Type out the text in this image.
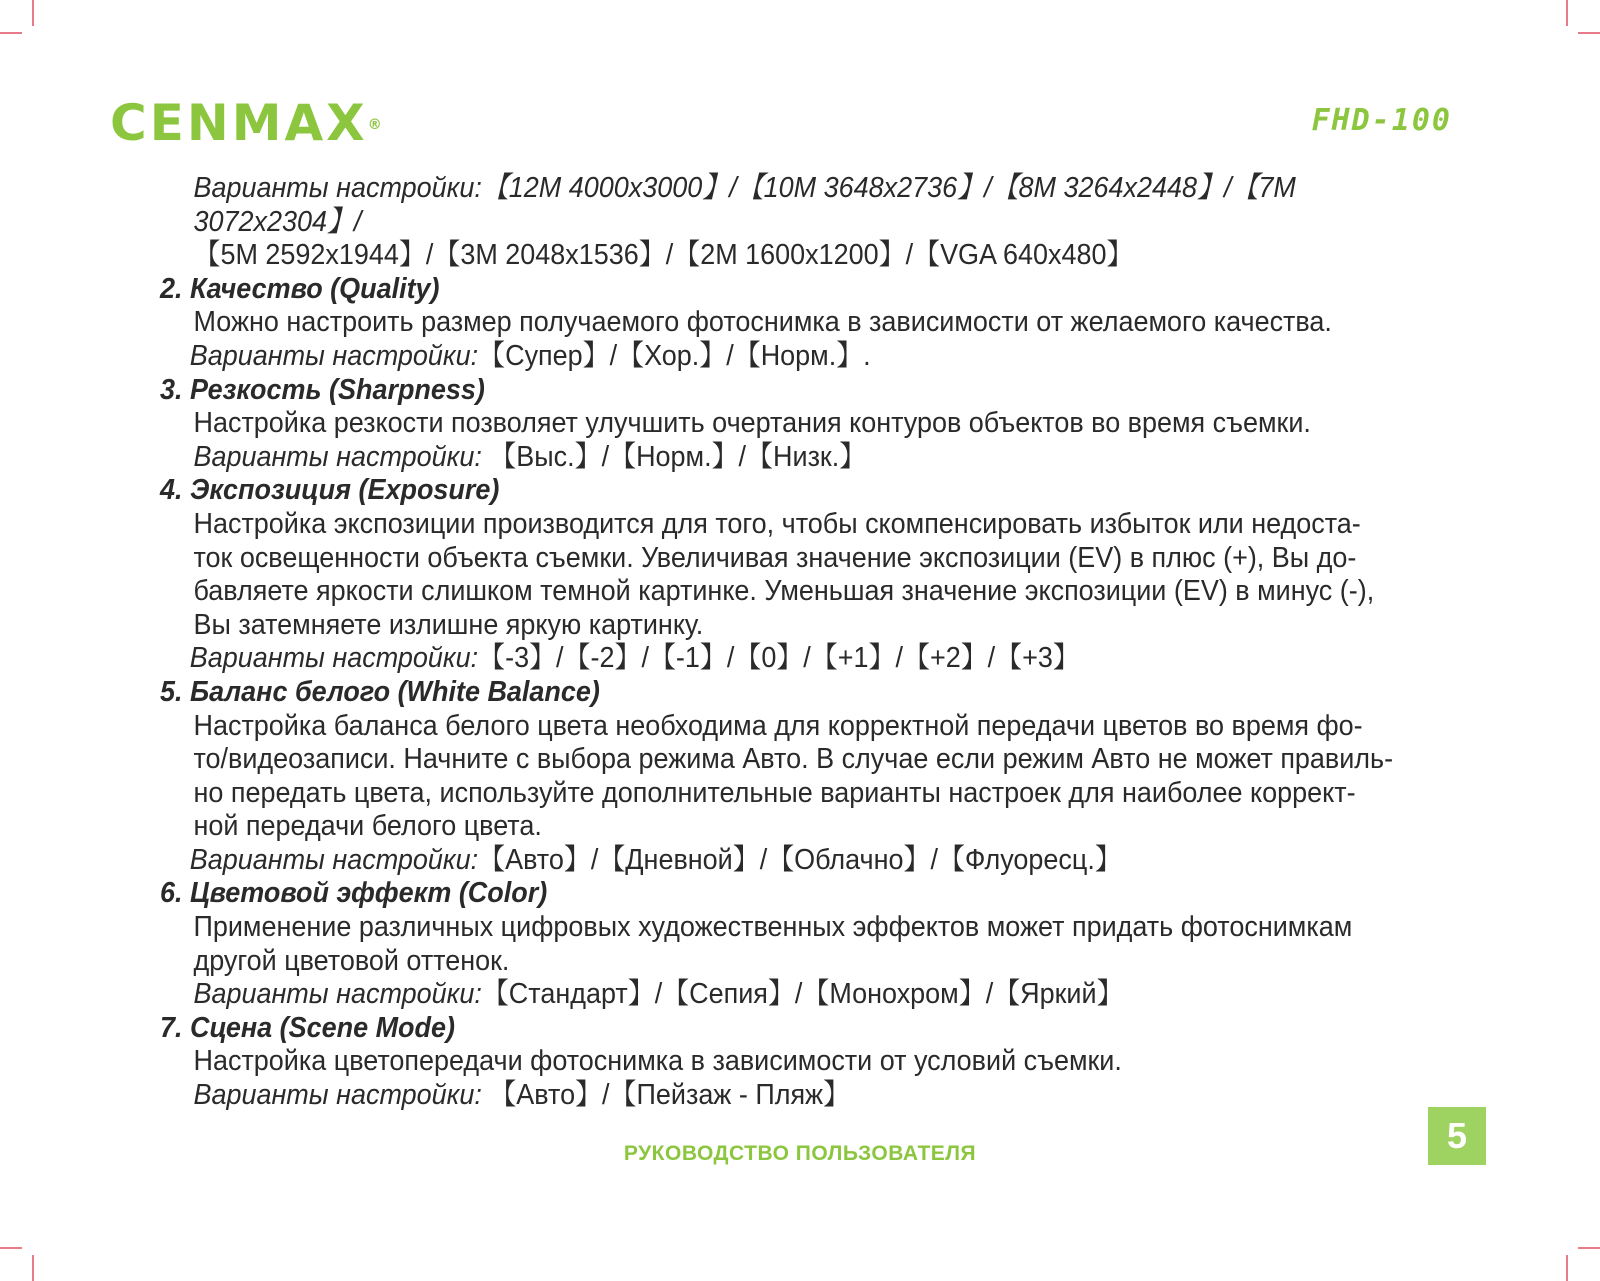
CENMAX®	FHD-100

Варианты настройки:【12M 4000x3000】/【10M 3648x2736】/【8M 3264x2448】/【7M 3072x2304】/

【5M 2592x1944】/【3M 2048x1536】/【2M 1600x1200】/【VGA 640x480】

2. Качество (Quality)

Можно настроить размер получаемого фотоснимка в зависимости от желаемого качества.

Варианты настройки:【Супер】/【Хор.】/【Норм.】.

3. Резкость (Sharpness)

Настройка резкости позволяет улучшить очертания контуров объектов во время съемки.

Варианты настройки: 【Выс.】/【Норм.】/【Низк.】

4. Экспозиция (Exposure)

Настройка экспозиции производится для того, чтобы скомпенсировать избыток или недоста-

ток освещенности объекта съемки. Увеличивая значение экспозиции (EV) в плюс (+), Вы до-

бавляете яркости слишком темной картинке. Уменьшая значение экспозиции (EV) в минус (-),

Вы затемняете излишне яркую картинку.

Варианты настройки:【-3】/【-2】/【-1】/【0】/【+1】/【+2】/【+3】

5. Баланс белого (White Balance)

Настройка баланса белого цвета необходима для корректной передачи цветов во время фо-

то/видеозаписи. Начните с выбора режима Авто. В случае если режим Авто не может правиль-

но передать цвета, используйте дополнительные варианты настроек для наиболее коррект-

ной передачи белого цвета.

Варианты настройки:【Авто】/【Дневной】/【Облачно】/【Флуоресц.】

6. Цветовой эффект (Color)

Применение различных цифровых художественных эффектов может придать фотоснимкам

другой цветовой оттенок.

Варианты настройки:【Стандарт】/【Сепия】/【Монохром】/【Яркий】

7. Сцена (Scene Mode)

Настройка цветопередачи фотоснимка в зависимости от условий съемки.

Варианты настройки: 【Авто】/【Пейзаж - Пляж】

РУКОВОДСТВО ПОЛЬЗОВАТЕЛЯ	5
